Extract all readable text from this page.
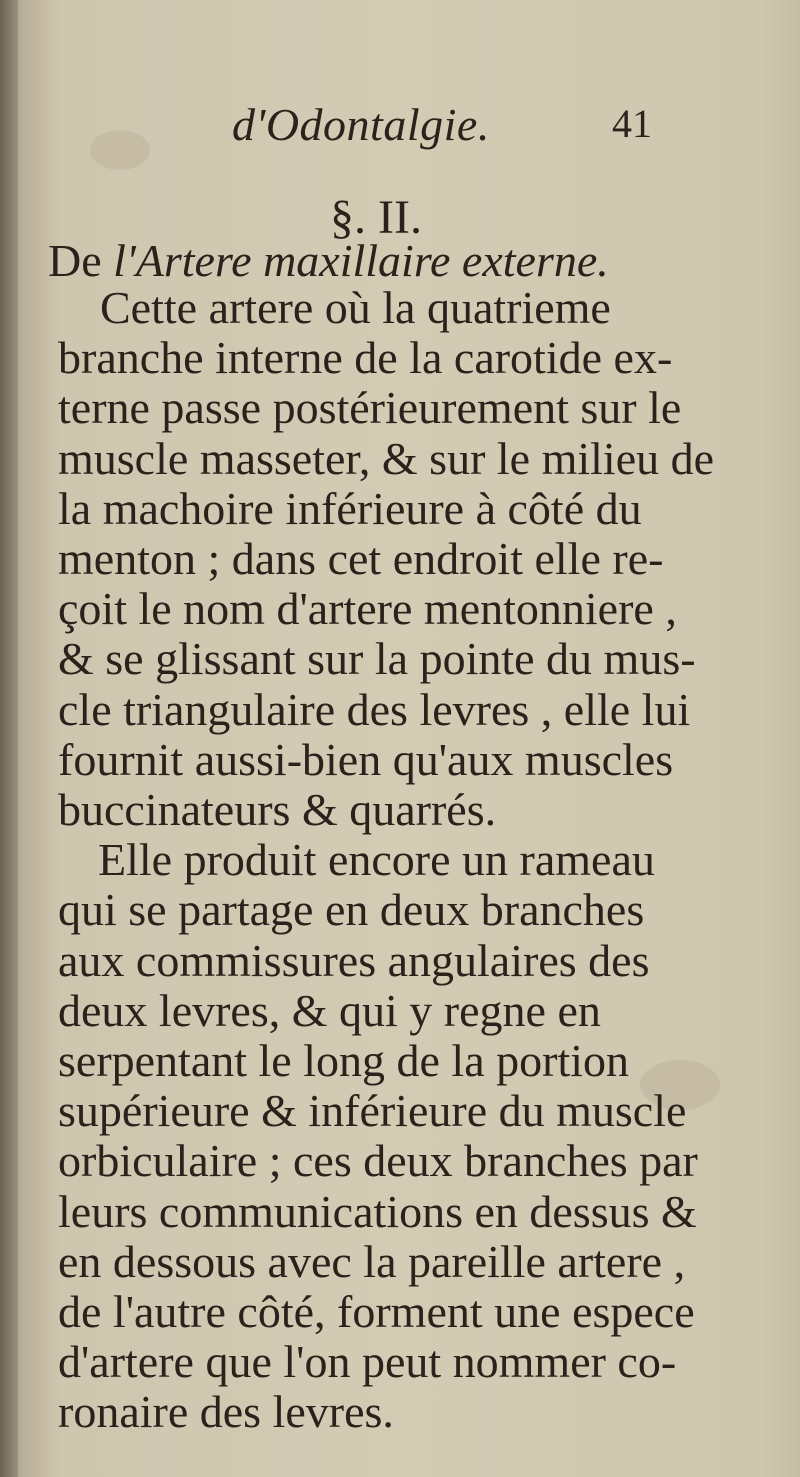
d'Odontalgie.	41
§. II.
De l'Artere maxillaire externe.
Cette artere où la quatrieme
branche interne de la carotide ex-
terne passe postérieurement sur le
muscle masseter, & sur le milieu de
la machoire inférieure à côté du
menton ; dans cet endroit elle re-
çoit le nom d'artere mentonniere ,
& se glissant sur la pointe du mus-
cle triangulaire des levres , elle lui
fournit aussi-bien qu'aux muscles
buccinateurs & quarrés.
Elle produit encore un rameau
qui se partage en deux branches
aux commissures angulaires des
deux levres, & qui y regne en
serpentant le long de la portion
supérieure & inférieure du muscle
orbiculaire ; ces deux branches par
leurs communications en dessus &
en dessous avec la pareille artere ,
de l'autre côté, forment une espece
d'artere que l'on peut nommer co-
ronaire des levres.
